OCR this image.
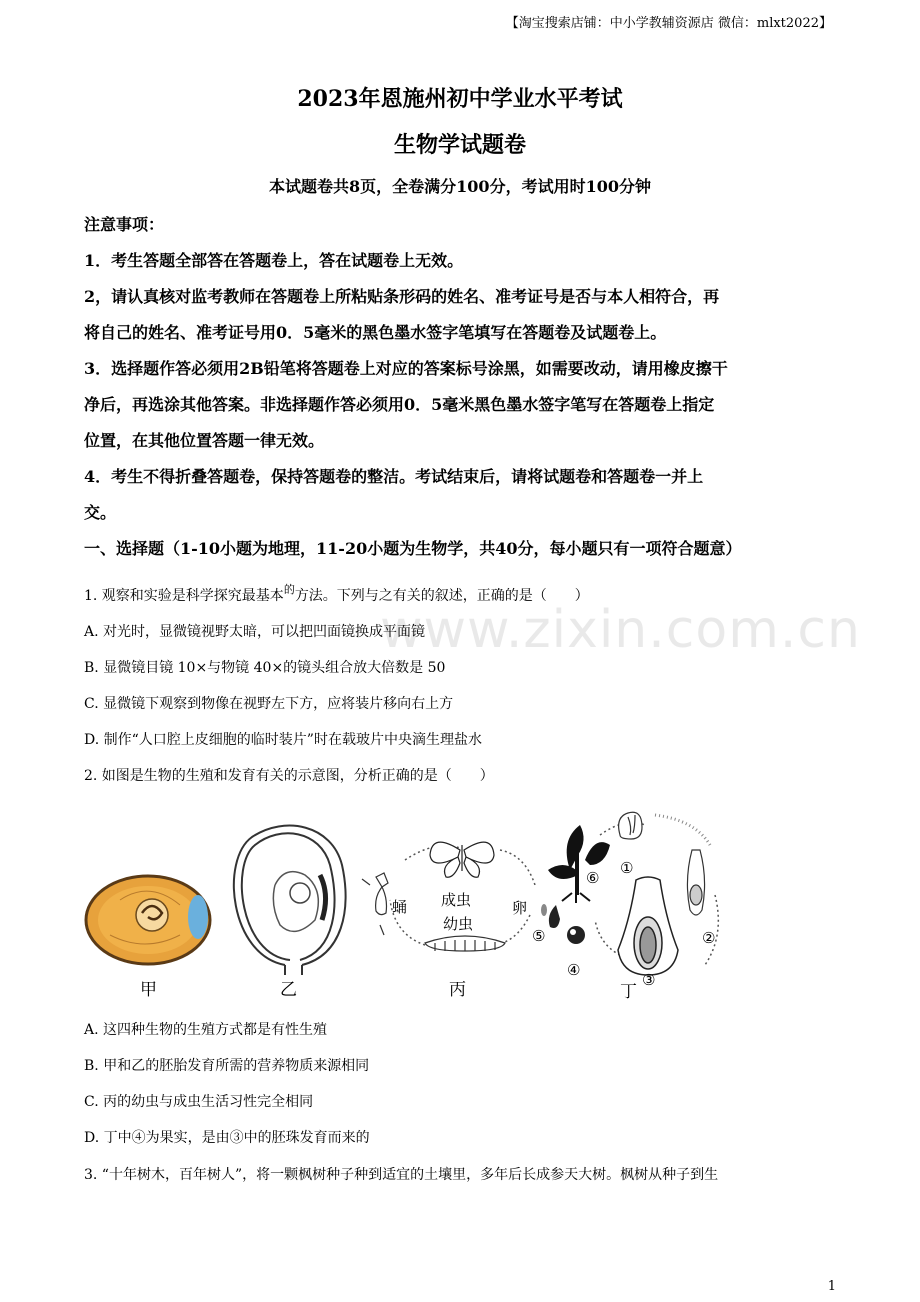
【淘宝搜索店铺：中小学教辅资源店 微信：mlxt2022】
2023年恩施州初中学业水平考试
生物学试题卷
本试题卷共8页，全卷满分100分，考试用时100分钟
注意事项：
1．考生答题全部答在答题卷上，答在试题卷上无效。
2，请认真核对监考教师在答题卷上所粘贴条形码的姓名、准考证号是否与本人相符合，再
将自己的姓名、准考证号用0．5毫米的黑色墨水签字笔填写在答题卷及试题卷上。
3．选择题作答必须用2B铅笔将答题卷上对应的答案标号涂黑，如需要改动，请用橡皮擦干
净后，再选涂其他答案。非选择题作答必须用0．5毫米黑色墨水签字笔写在答题卷上指定
位置，在其他位置答题一律无效。
4．考生不得折叠答题卷，保持答题卷的整洁。考试结束后，请将试题卷和答题卷一并上
交。
一、选择题（1-10小题为地理，11-20小题为生物学，共40分，每小题只有一项符合题意）
www.zixin.com.cn
1. 观察和实验是科学探究最基本$^的$方法。下列与之有关的叙述，正确的是（　　）
A. 对光时，显微镜视野太暗，可以把凹面镜换成平面镜
B. 显微镜目镜 10×与物镜 40×的镜头组合放大倍数是 50
C. 显微镜下观察到物像在视野左下方，应将装片移向右上方
D. 制作“人口腔上皮细胞的临时装片”时在载玻片中央滴生理盐水
2. 如图是生物的生殖和发育有关的示意图，分析正确的是（　　）
成虫
蛹	卵
幼虫
①
②
③
④
⑤
⑥
甲	乙	丙	丁
A. 这四种生物的生殖方式都是有性生殖
B. 甲和乙的胚胎发育所需的营养物质来源相同
C. 丙的幼虫与成虫生活习性完全相同
D. 丁中④为果实，是由③中的胚珠发育而来的
3. “十年树木，百年树人”，将一颗枫树种子种到适宜的土壤里，多年后长成参天大树。枫树从种子到生
1
